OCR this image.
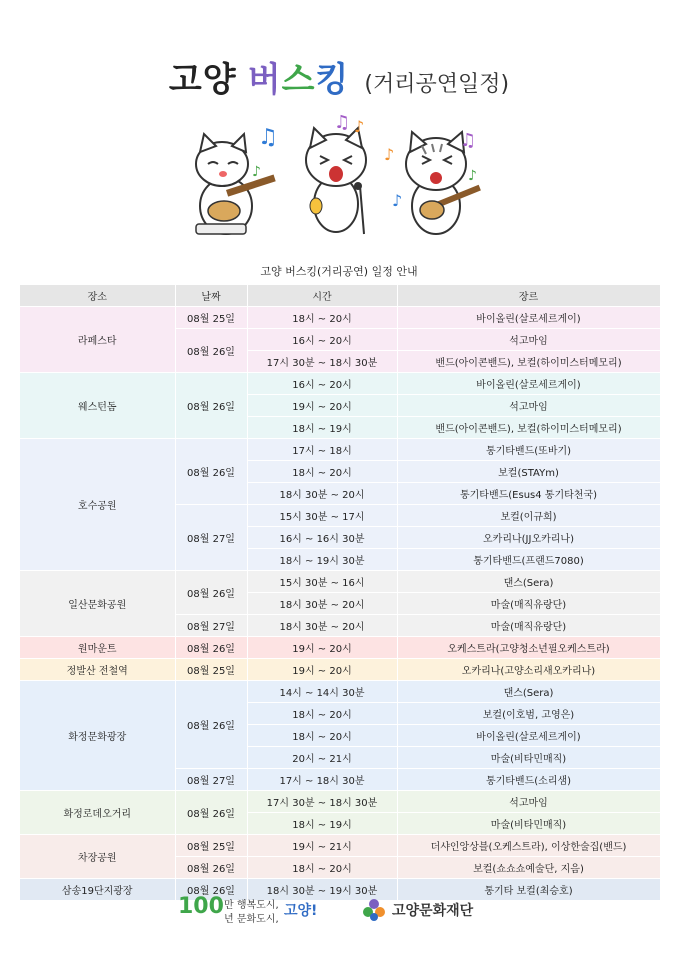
고양 버스킹 (거리공연일정)
♫
♪
♫ ♪
♪
♪
♫
♪
고양 버스킹(거리공연) 일정 안내
장소	날짜	시간	장르
라페스타	08월 25일	18시 ~ 20시	바이올린(살로세르게이)
	08월 26일	16시 ~ 20시	석고마임
		17시 30분 ~ 18시 30분	밴드(아이콘밴드), 보컬(하이미스터메모리)
웨스턴돔	08월 26일	16시 ~ 20시	바이올린(살로세르게이)
		19시 ~ 20시	석고마임
		18시 ~ 19시	밴드(아이콘밴드), 보컬(하이미스터메모리)
호수공원	08월 26일	17시 ~ 18시	통기타밴드(또바기)
		18시 ~ 20시	보컬(STAYm)
		18시 30분 ~ 20시	통기타밴드(Esus4 통기타천국)
	08월 27일	15시 30분 ~ 17시	보컬(이규희)
		16시 ~ 16시 30분	오카리나(JJ오카리나)
		18시 ~ 19시 30분	통기타밴드(프랜드7080)
일산문화공원	08월 26일	15시 30분 ~ 16시	댄스(Sera)
		18시 30분 ~ 20시	마술(매직유랑단)
	08월 27일	18시 30분 ~ 20시	마술(매직유랑단)
원마운트	08월 26일	19시 ~ 20시	오케스트라(고양청소년필오케스트라)
정발산 전철역	08월 25일	19시 ~ 20시	오카리나(고양소리새오카리나)
화정문화광장	08월 26일	14시 ~ 14시 30분	댄스(Sera)
		18시 ~ 20시	보컬(이호범, 고영은)
		18시 ~ 20시	바이올린(살로세르게이)
		20시 ~ 21시	마술(비타민매직)
	08월 27일	17시 ~ 18시 30분	통기타밴드(소리샘)
화정로데오거리	08월 26일	17시 30분 ~ 18시 30분	석고마임
		18시 ~ 19시	마술(비타민매직)
차장공원	08월 25일	19시 ~ 21시	더샤인앙상블(오케스트라), 이상한술집(밴드)
	08월 26일	18시 ~ 20시	보컬(쇼쇼쇼예술단, 지음)
삼송19단지광장	08월 26일	18시 30분 ~ 19시 30분	통기타 보컬(최승호)
100 만 행복도시,
년 문화도시,
고양!	고양문화재단
